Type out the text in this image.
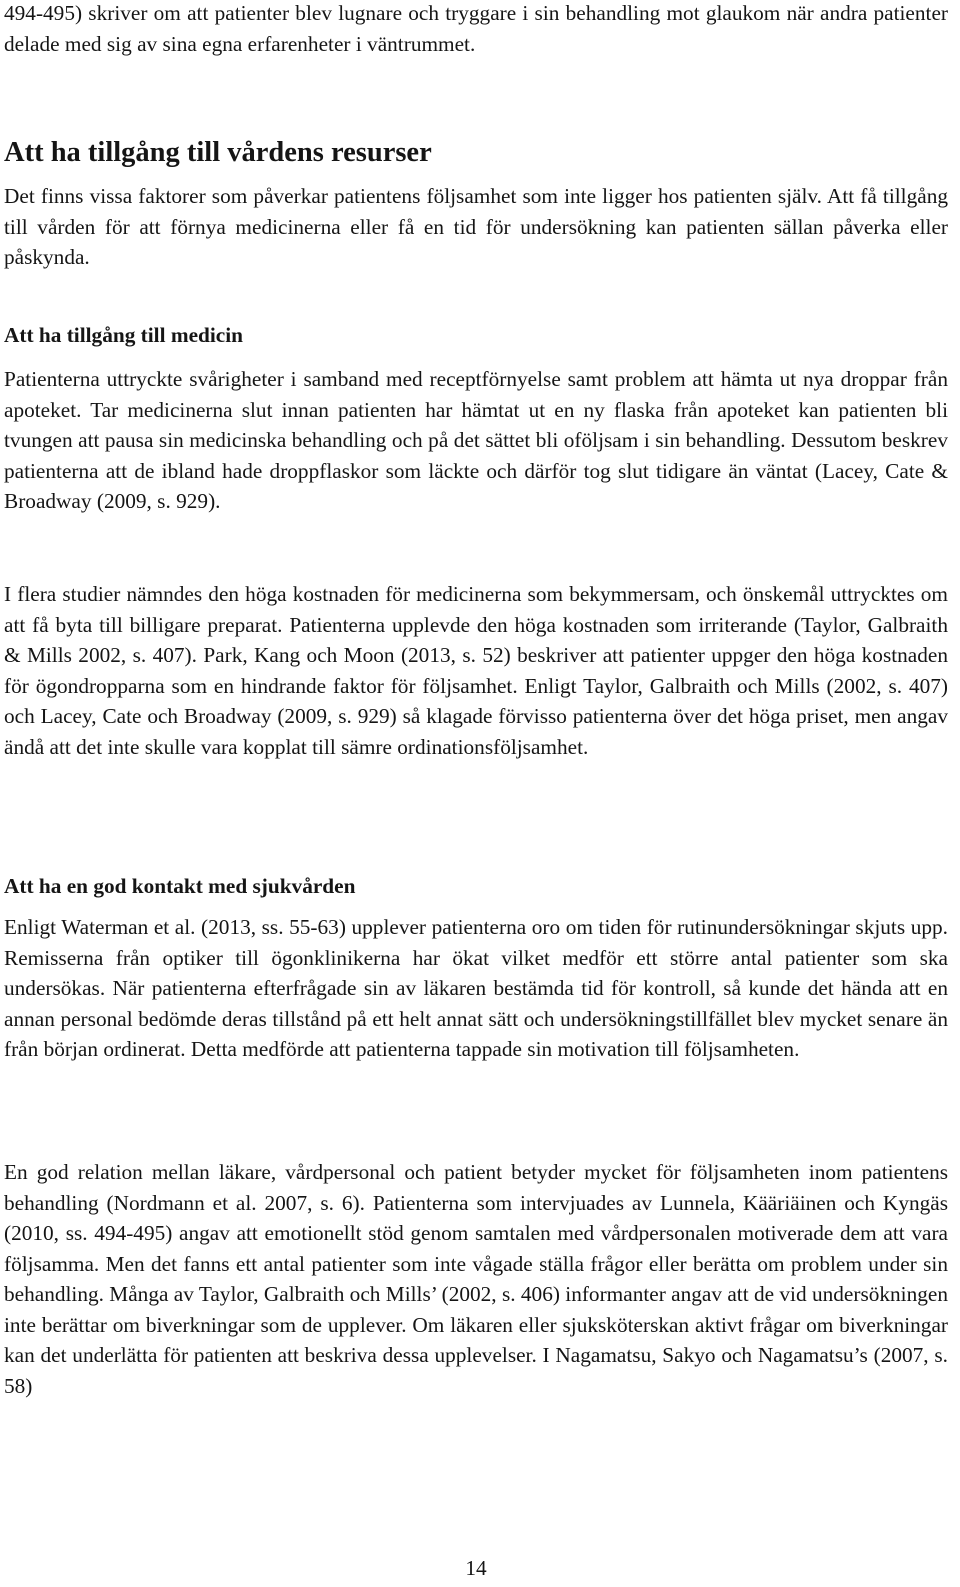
494-495) skriver om att patienter blev lugnare och tryggare i sin behandling mot glaukom när andra patienter delade med sig av sina egna erfarenheter i väntrummet.

Att ha tillgång till vårdens resurser

Det finns vissa faktorer som påverkar patientens följsamhet som inte ligger hos patienten själv. Att få tillgång till vården för att förnya medicinerna eller få en tid för undersökning kan patienten sällan påverka eller påskynda.

Att ha tillgång till medicin

Patienterna uttryckte svårigheter i samband med receptförnyelse samt problem att hämta ut nya droppar från apoteket. Tar medicinerna slut innan patienten har hämtat ut en ny flaska från apoteket kan patienten bli tvungen att pausa sin medicinska behandling och på det sättet bli oföljsam i sin behandling. Dessutom beskrev patienterna att de ibland hade droppflaskor som läckte och därför tog slut tidigare än väntat (Lacey, Cate & Broadway (2009, s. 929).

I flera studier nämndes den höga kostnaden för medicinerna som bekymmersam, och önskemål uttrycktes om att få byta till billigare preparat. Patienterna upplevde den höga kostnaden som irriterande (Taylor, Galbraith & Mills 2002, s. 407). Park, Kang och Moon (2013, s. 52) beskriver att patienter uppger den höga kostnaden för ögondropparna som en hindrande faktor för följsamhet. Enligt Taylor, Galbraith och Mills (2002, s. 407) och Lacey, Cate och Broadway (2009, s. 929) så klagade förvisso patienterna över det höga priset, men angav ändå att det inte skulle vara kopplat till sämre ordinationsföljsamhet.

Att ha en god kontakt med sjukvården

Enligt Waterman et al. (2013, ss. 55-63) upplever patienterna oro om tiden för rutinundersökningar skjuts upp. Remisserna från optiker till ögonklinikerna har ökat vilket medför ett större antal patienter som ska undersökas. När patienterna efterfrågade sin av läkaren bestämda tid för kontroll, så kunde det hända att en annan personal bedömde deras tillstånd på ett helt annat sätt och undersökningstillfället blev mycket senare än från början ordinerat. Detta medförde att patienterna tappade sin motivation till följsamheten.

En god relation mellan läkare, vårdpersonal och patient betyder mycket för följsamheten inom patientens behandling (Nordmann et al. 2007, s. 6). Patienterna som intervjuades av Lunnela, Kääriäinen och Kyngäs (2010, ss. 494-495) angav att emotionellt stöd genom samtalen med vårdpersonalen motiverade dem att vara följsamma. Men det fanns ett antal patienter som inte vågade ställa frågor eller berätta om problem under sin behandling. Många av Taylor, Galbraith och Mills’ (2002, s. 406) informanter angav att de vid undersökningen inte berättar om biverkningar som de upplever. Om läkaren eller sjuksköterskan aktivt frågar om biverkningar kan det underlätta för patienten att beskriva dessa upplevelser. I Nagamatsu, Sakyo och Nagamatsu’s (2007, s. 58)

14
